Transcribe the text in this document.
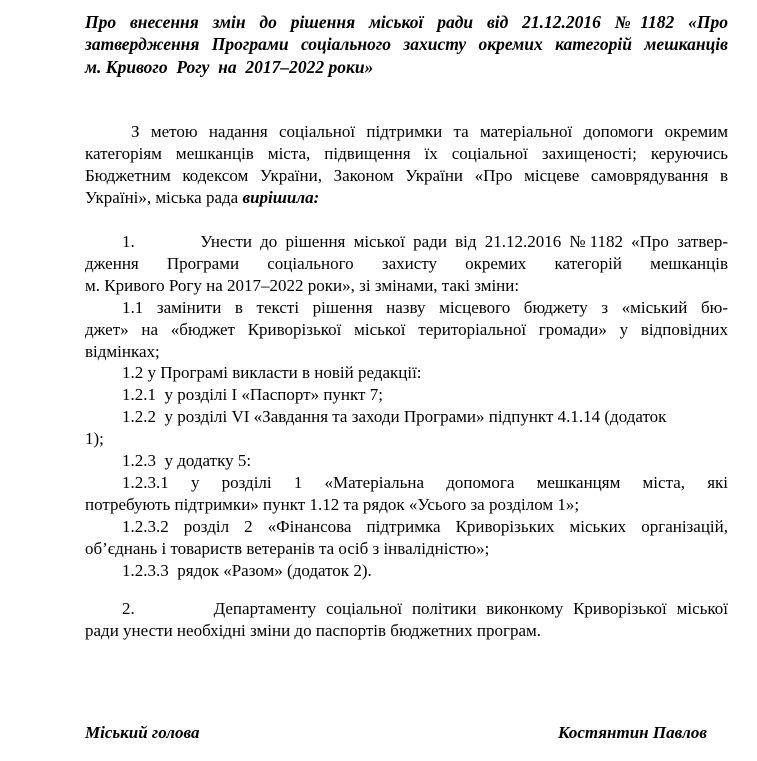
Про внесення змін до рішення міської ради від 21.12.2016 №1182 «Про
затвердження Програми соціального захисту окремих категорій мешканців
м. Кривого  Рогу  на  2017–2022 роки»
З метою надання соціальної підтримки та матеріальної допомоги окремим
категоріям мешканців міста, підвищення їх соціальної захищеності; керуючись
Бюджетним кодексом України, Законом України «Про місцеве самоврядування в
Україні», міська рада вирішила:
1.        Унести до рішення міської ради від 21.12.2016 №1182 «Про затвер-
дження Програми соціального захисту окремих категорій мешканців
м. Кривого Рогу на 2017–2022 роки», зі змінами, такі зміни:
1.1 замінити в тексті рішення назву місцевого бюджету з «міський бю-
джет» на «бюджет Криворізької міської територіальної громади» у відповідних
відмінках;
1.2 у Програмі викласти в новій редакції:
1.2.1  у розділі І «Паспорт» пункт 7;
1.2.2  у розділі VІ «Завдання та заходи Програми» підпункт 4.1.14 (додаток
1);
1.2.3  у додатку 5:
1.2.3.1 у розділі 1 «Матеріальна допомога мешканцям міста, які
потребують підтримки» пункт 1.12 та рядок «Усього за розділом 1»;
1.2.3.2 розділ 2 «Фінансова підтримка Криворізьких міських організацій,
об’єднань і товариств ветеранів та осіб з інвалідністю»;
1.2.3.3  рядок «Разом» (додаток 2).
2.        Департаменту соціальної політики виконкому Криворізької міської
ради унести необхідні зміни до паспортів бюджетних програм.
Міський голова	Костянтин Павлов
